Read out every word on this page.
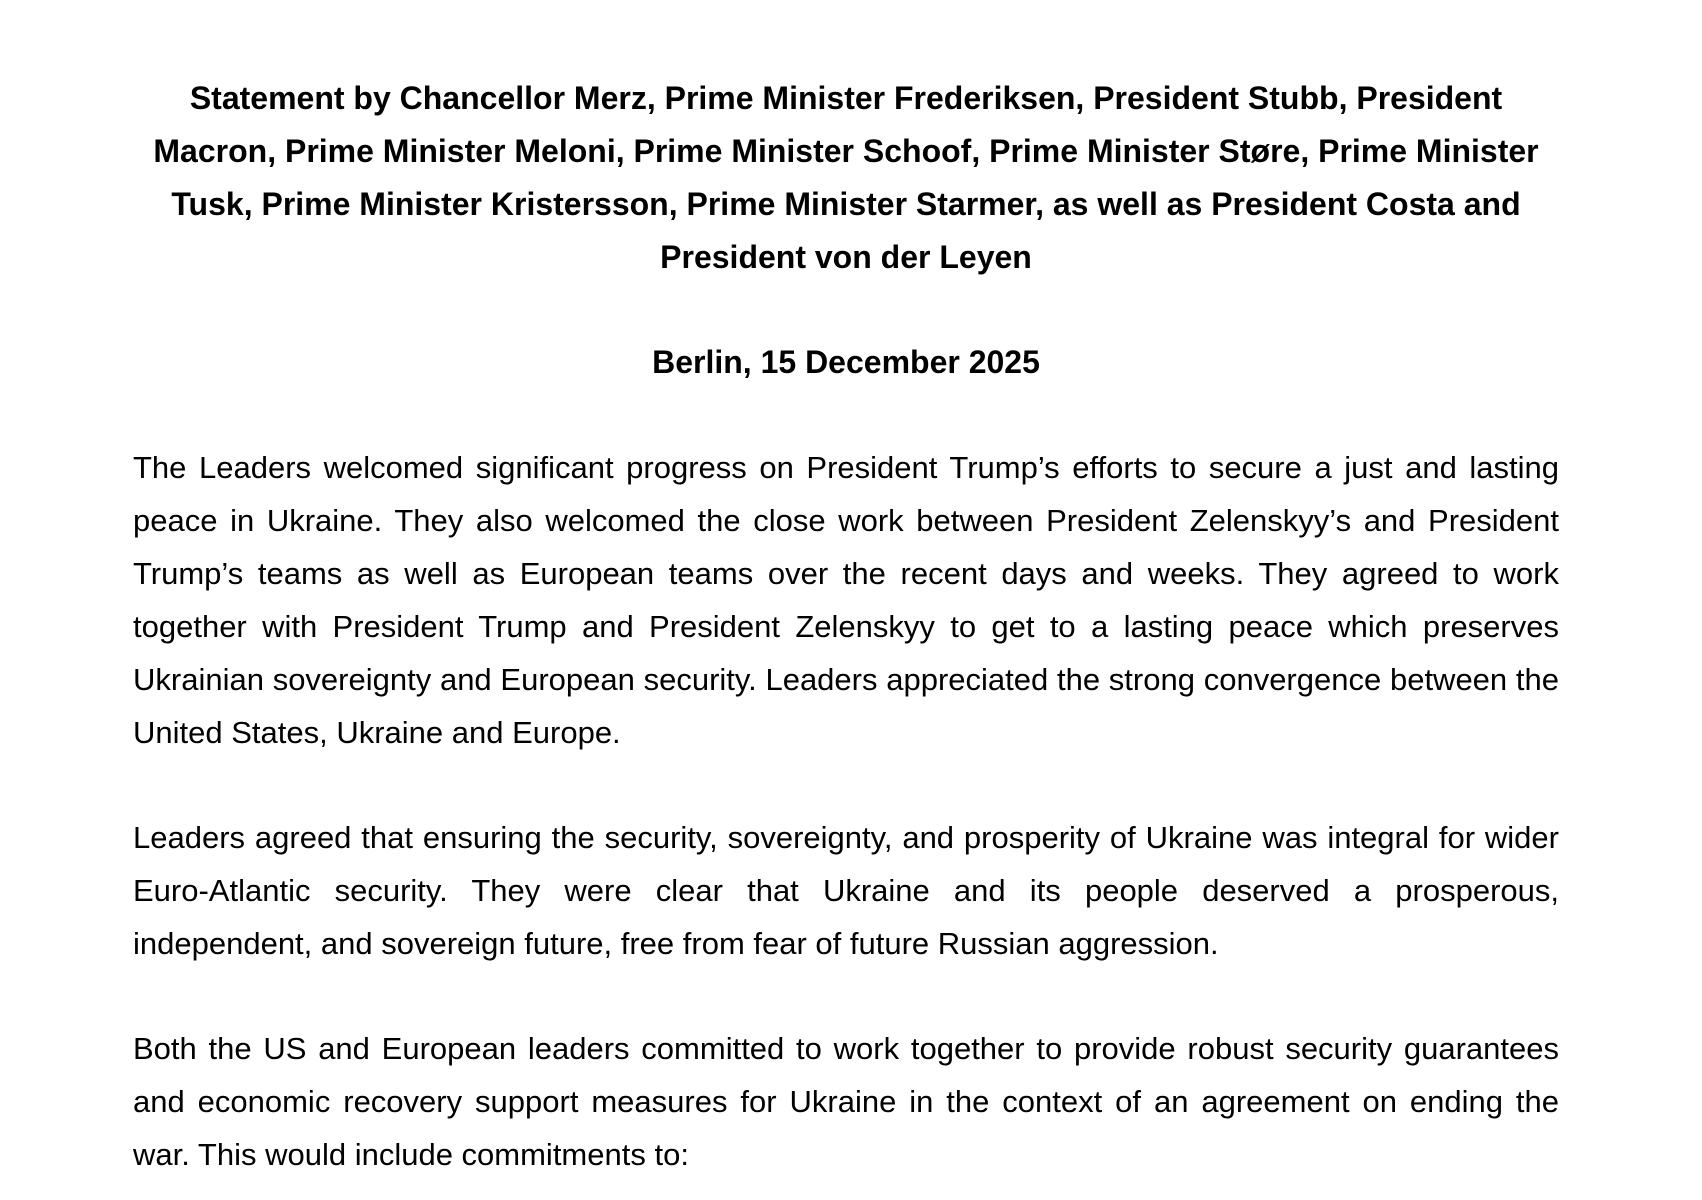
Statement by Chancellor Merz, Prime Minister Frederiksen, President Stubb, President Macron, Prime Minister Meloni, Prime Minister Schoof, Prime Minister Støre, Prime Minister Tusk, Prime Minister Kristersson, Prime Minister Starmer, as well as President Costa and President von der Leyen

Berlin, 15 December 2025

The Leaders welcomed significant progress on President Trump’s efforts to secure a just and lasting peace in Ukraine. They also welcomed the close work between President Zelenskyy’s and President Trump’s teams as well as European teams over the recent days and weeks. They agreed to work together with President Trump and President Zelenskyy to get to a lasting peace which preserves Ukrainian sovereignty and European security. Leaders appreciated the strong convergence between the United States, Ukraine and Europe.

Leaders agreed that ensuring the security, sovereignty, and prosperity of Ukraine was integral for wider Euro-Atlantic security. They were clear that Ukraine and its people deserved a prosperous, independent, and sovereign future, free from fear of future Russian aggression.

Both the US and European leaders committed to work together to provide robust security guarantees and economic recovery support measures for Ukraine in the context of an agreement on ending the war. This would include commitments to:
